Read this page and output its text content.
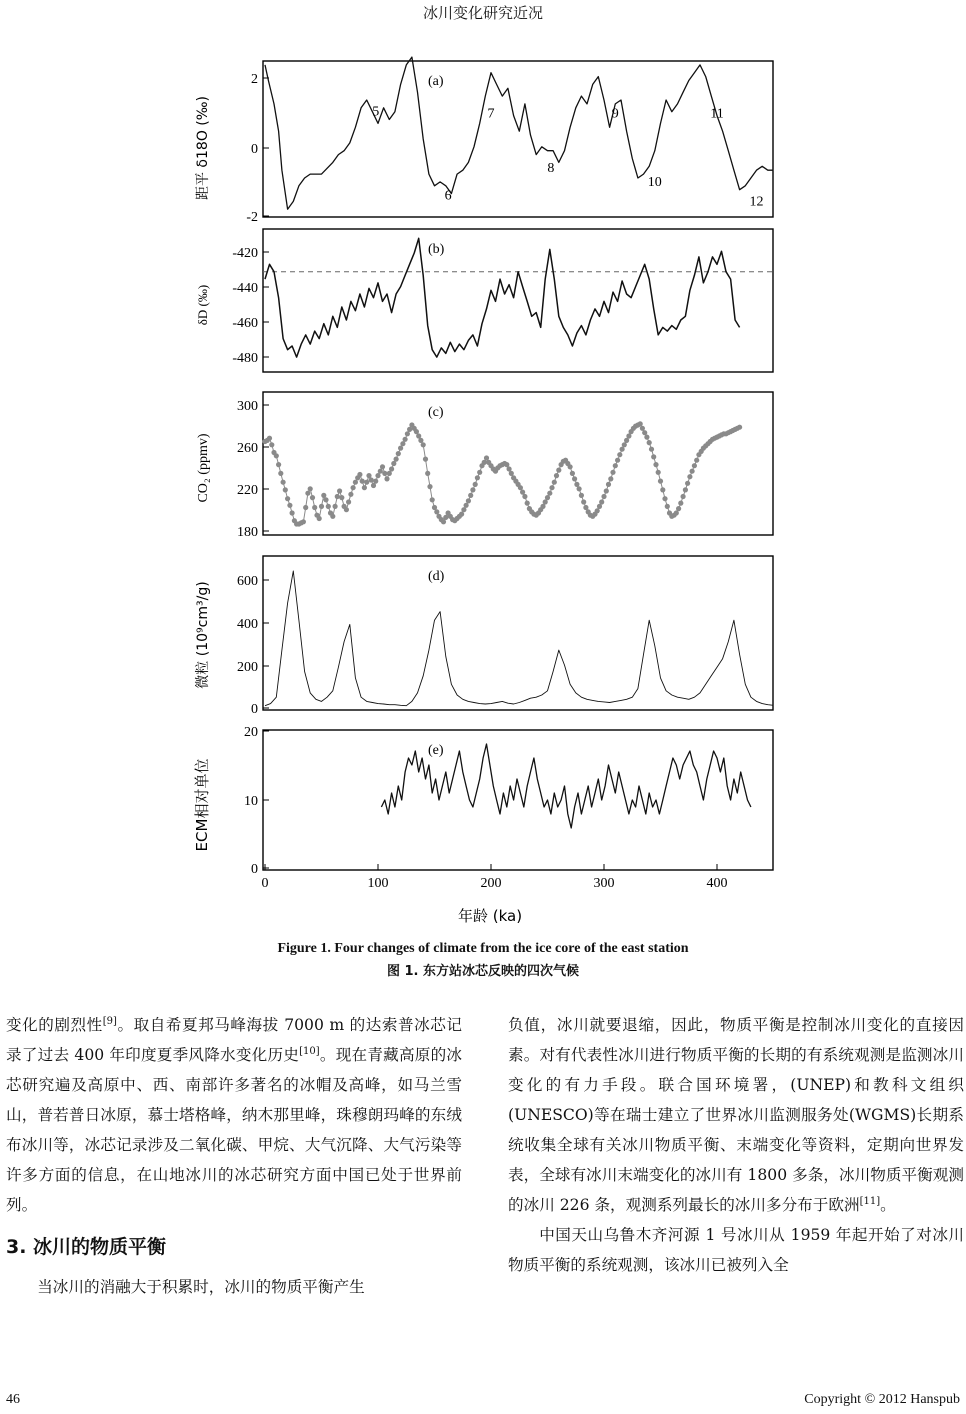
冰川变化研究近况
2
0
-2
距平 δ18O (‰)
(a)
5
6
7
8
9
10
11
12
-420
-440
-460
-480
δD (‰)
(b)
300
260
220
180
CO₂ (ppmv)
(c)
600
400
200
0
微粒 (10⁹cm³/g)
(d)
20
10
0
ECM相对单位
(e)
0	100	200	300	400
年龄 (ka)
Figure 1. Four changes of climate from the ice core of the east station
图 1. 东方站冰芯反映的四次气候

变化的剧烈性[9]。取自希夏邦马峰海拔 7000 m 的达索普冰芯记录了过去 400 年印度夏季风降水变化历史[10]。现在青藏高原的冰芯研究遍及高原中、西、南部许多著名的冰帽及高峰，如马兰雪山，普若普日冰原，慕士塔格峰，纳木那里峰，珠穆朗玛峰的东绒布冰川等，冰芯记录涉及二氧化碳、甲烷、大气沉降、大气污染等许多方面的信息，在山地冰川的冰芯研究方面中国已处于世界前列。

3. 冰川的物质平衡

当冰川的消融大于积累时，冰川的物质平衡产生

负值，冰川就要退缩，因此，物质平衡是控制冰川变化的直接因素。对有代表性冰川进行物质平衡的长期的有系统观测是监测冰川变化的有力手段。联合国环境署，(UNEP)和教科文组织(UNESCO)等在瑞士建立了世界冰川监测服务处(WGMS)长期系统收集全球有关冰川物质平衡、末端变化等资料，定期向世界发表，全球有冰川末端变化的冰川有 1800 多条，冰川物质平衡观测的冰川 226 条，观测系列最长的冰川多分布于欧洲[11]。

中国天山乌鲁木齐河源 1 号冰川从 1959 年起开始了对冰川物质平衡的系统观测，该冰川已被列入全

46	Copyright © 2012 Hanspub
